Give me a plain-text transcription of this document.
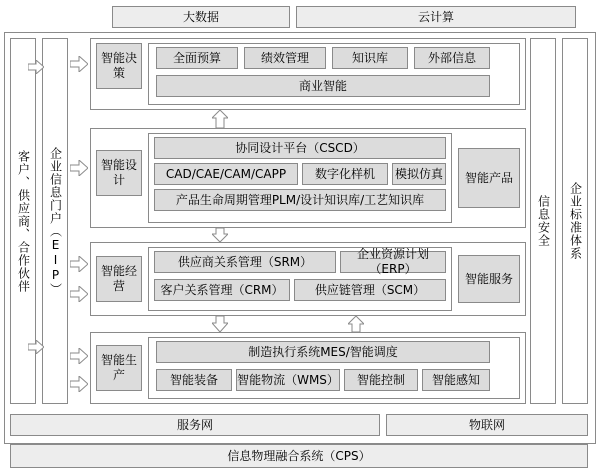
大数据	云计算
客户、供应商、合作伙伴 企业信息门户（EIP）	信息安全 企业标准体系
智能决策
全面预算	绩效管理	知识库	外部信息
商业智能
智能设计
协同设计平台（CSCD）
CAD/CAE/CAM/CAPP 数字化样机 模拟仿真
产品生命周期管理PLM/设计知识库/工艺知识库
智能产品
智能经营
供应商关系管理（SRM）
企业资源计划（ERP）
客户关系管理（CRM）	供应链管理（SCM）
智能服务
智能生产
制造执行系统MES/智能调度
智能装备 智能物流（WMS） 智能控制 智能感知
服务网	物联网
信息物理融合系统（CPS）
